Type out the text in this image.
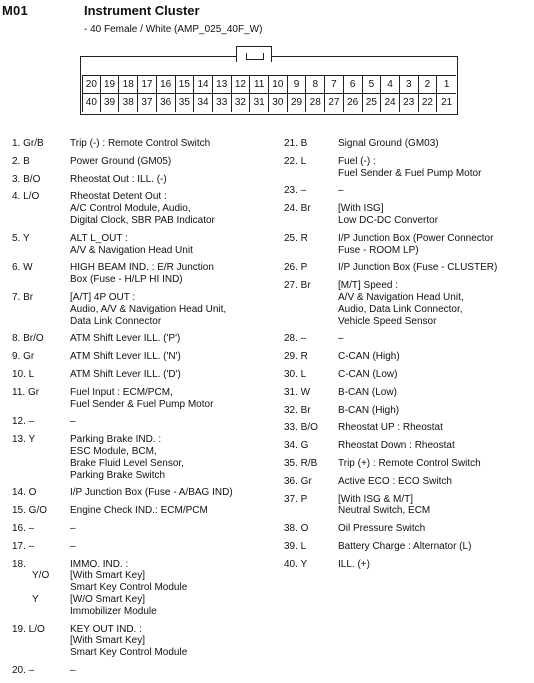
M01	Instrument Cluster
- 40 Female / White (AMP_025_40F_W)
20 19 18 17 16 15 14 13 12 11 10	9	8	7	6	5	4	3	2	1
40 39 38 37 36 35 34 33 32 31 30 29 28 27 26 25 24 23 22 21
1. Gr/B	Trip (-) : Remote Control Switch
2. B	Power Ground (GM05)
3. B/O	Rheostat Out : ILL. (-)
4. L/O	Rheostat Detent Out :
A/C Control Module, Audio,
Digital Clock, SBR PAB Indicator
5. Y	ALT L_OUT :
A/V & Navigation Head Unit
6. W	HIGH BEAM IND. : E/R Junction
Box (Fuse - H/LP HI IND)
7. Br	[A/T] 4P OUT :
Audio, A/V & Navigation Head Unit,
Data Link Connector
8. Br/O	ATM Shift Lever ILL. ('P')
9. Gr	ATM Shift Lever ILL. ('N')
10. L	ATM Shift Lever ILL. ('D')
11. Gr	Fuel Input : ECM/PCM,
Fuel Sender & Fuel Pump Motor
12. –	–
13. Y	Parking Brake IND. :
ESC Module, BCM,
Brake Fluid Level Sensor,
Parking Brake Switch
14. O	I/P Junction Box (Fuse - A/BAG IND)
15. G/O	Engine Check IND.: ECM/PCM
16. –	–
17. –	–
18.	IMMO. IND. :
Y/O	[With Smart Key]
Smart Key Control Module
Y	[W/O Smart Key]
Immobilizer Module
19. L/O	KEY OUT IND. :
[With Smart Key]
Smart Key Control Module
20. –	–
21. B	Signal Ground (GM03)
22. L	Fuel (-) :
Fuel Sender & Fuel Pump Motor
23. –	–
24. Br	[With ISG]
Low DC-DC Convertor
25. R	I/P Junction Box (Power Connector
Fuse - ROOM LP)
26. P	I/P Junction Box (Fuse - CLUSTER)
27. Br	[M/T] Speed :
A/V & Navigation Head Unit,
Audio, Data Link Connector,
Vehicle Speed Sensor
28. –	–
29. R	C-CAN (High)
30. L	C-CAN (Low)
31. W	B-CAN (Low)
32. Br	B-CAN (High)
33. B/O	Rheostat UP : Rheostat
34. G	Rheostat Down : Rheostat
35. R/B	Trip (+) : Remote Control Switch
36. Gr	Active ECO : ECO Switch
37. P	[With ISG & M/T]
Neutral Switch, ECM
38. O	Oil Pressure Switch
39. L	Battery Charge : Alternator (L)
40. Y	ILL. (+)
